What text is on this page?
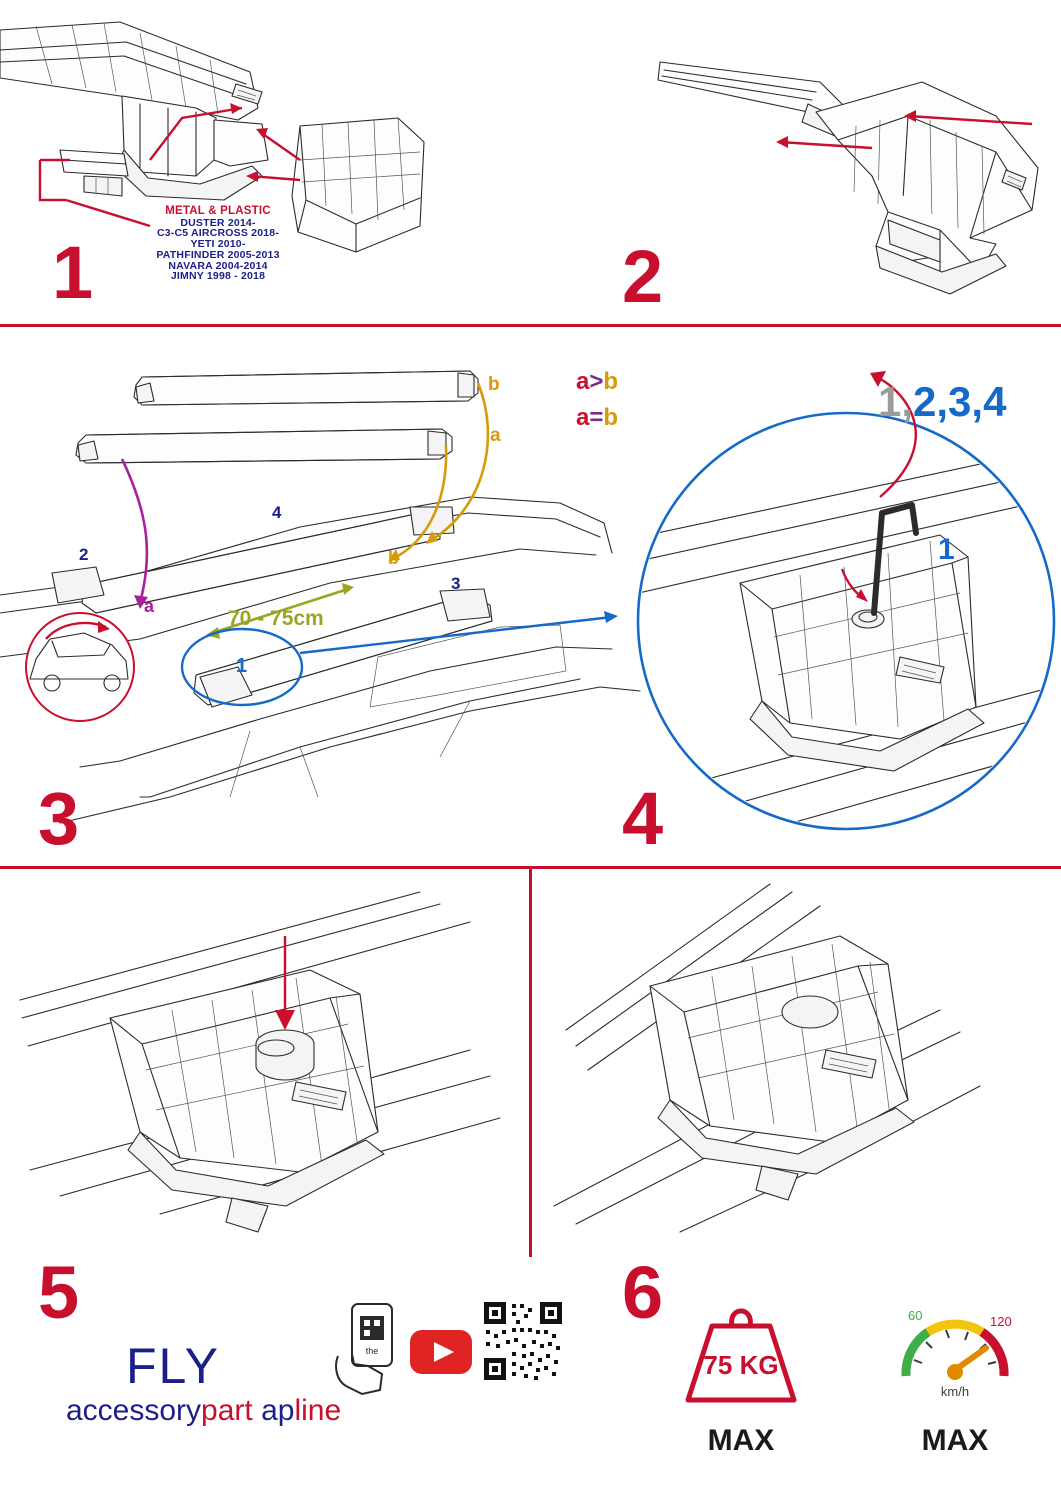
1	2
METAL & PLASTIC
DUSTER 2014-
C3-C5 AIRCROSS 2018-
YETI 2010-
PATHFINDER 2005-2013
NAVARA 2004-2014
JIMNY 1998 - 2018
b
a
b
a
a>b
a=b
70 - 75cm
2
4
3
1
1,2,3,4
1
3	4
5	6
FLY
accessorypart apline
the	75 KG
MAX
60	120
km/h
MAX
